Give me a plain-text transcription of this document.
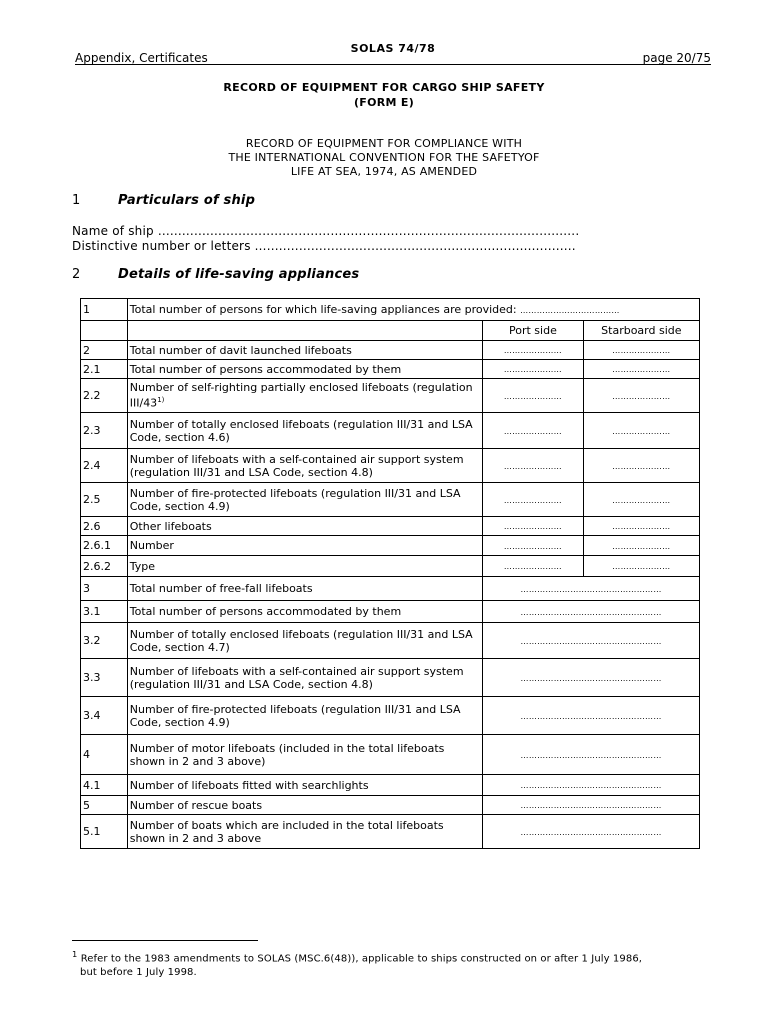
Appendix, Certificates
SOLAS 74/78
page 20/75
RECORD OF EQUIPMENT FOR CARGO SHIP SAFETY
(FORM E)
RECORD OF EQUIPMENT FOR COMPLIANCE WITH
THE INTERNATIONAL CONVENTION FOR THE SAFETYOF
LIFE AT SEA, 1974, AS AMENDED
1	Particulars of ship
Name of ship .........................................................................................................
Distinctive number or letters ................................................................................
2	Details of life-saving appliances
1	Total number of persons for which life-saving appliances are provided: ………………………………		
		Port side	Starboard side
2	Total number of davit launched lifeboats	…………………	…………………
2.1	Total number of persons accommodated by them	…………………	…………………
2.2	Number of self-righting partially enclosed lifeboats (regulation III/43$^{1)}$	…………………	…………………
2.3	Number of totally enclosed lifeboats (regulation III/31 and LSA Code, section 4.6)	…………………	…………………
2.4	Number of lifeboats with a self-contained air support system (regulation III/31 and LSA Code, section 4.8)	…………………	…………………
2.5	Number of fire-protected lifeboats (regulation III/31 and LSA Code, section 4.9)	…………………	…………………
2.6	Other lifeboats	…………………	…………………
2.6.1	Number	…………………	…………………
2.6.2	Type	…………………	…………………
3	Total number of free-fall lifeboats	……………………………………………	
3.1	Total number of persons accommodated by them	……………………………………………	
3.2	Number of totally enclosed lifeboats (regulation III/31 and LSA Code, section 4.7)	……………………………………………	
3.3	Number of lifeboats with a self-contained air support system (regulation III/31 and LSA Code, section 4.8)	……………………………………………	
3.4	Number of fire-protected lifeboats (regulation III/31 and LSA Code, section 4.9)	……………………………………………	
4	Number of motor lifeboats (included in the total lifeboats shown in 2 and 3 above)	……………………………………………	
4.1	Number of lifeboats fitted with searchlights	……………………………………………	
5	Number of rescue boats	……………………………………………	
5.1	Number of boats which are included in the total lifeboats shown in 2 and 3 above	……………………………………………	
$^1$ Refer to the 1983 amendments to SOLAS (MSC.6(48)), applicable to ships constructed on or after 1 July 1986,
but before 1 July 1998.
